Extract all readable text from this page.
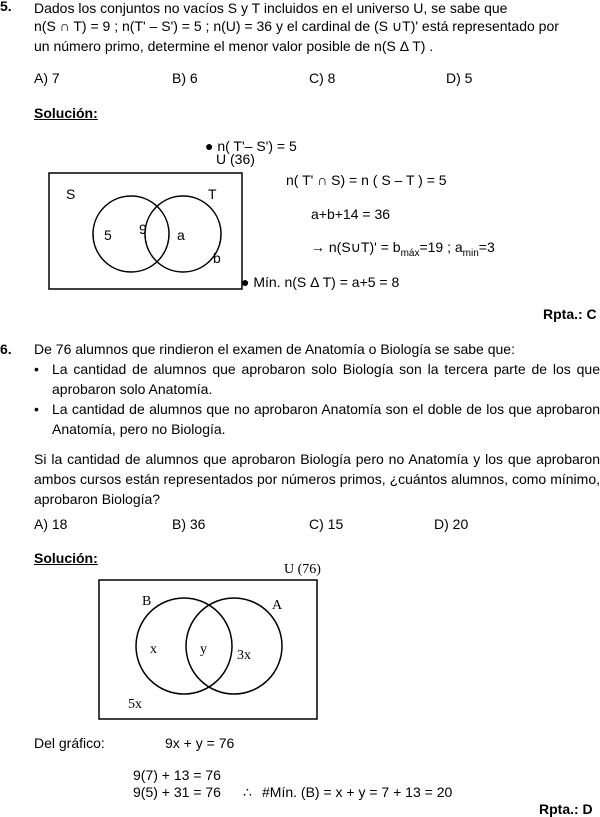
5. Dados los conjuntos no vacíos S y T incluidos en el universo U, se sabe que
n(S ∩ T) = 9 ; n(T' – S') = 5 ; n(U) = 36 y el cardinal de (S ∪T)' está representado por
un número primo, determine el menor valor posible de n(S Δ T) .
A) 7	B) 6	C) 8	D) 5
Solución:
● n( T'– S') = 5
U (36)
S	T
5 9 a
b
n( T' ∩ S) = n ( S – T ) = 5
a+b+14 = 36
→ n(S∪T)' = $b_{máx}=19$ ; $a_{min}=3$
● Mín. n(S Δ T) = a+5 = 8
Rpta.: C
6. De 76 alumnos que rindieron el examen de Anatomía o Biología se sabe que:
• La cantidad de alumnos que aprobaron solo Biología son la tercera parte de los que aprobaron solo Anatomía.
• La cantidad de alumnos que no aprobaron Anatomía son el doble de los que aprobaron Anatomía, pero no Biología.
Si la cantidad de alumnos que aprobaron Biología pero no Anatomía y los que aprobaron ambos cursos están representados por números primos, ¿cuántos alumnos, como mínimo, aprobaron Biología?
A) 18	B) 36	C) 15	D) 20
Solución:
U (76)
B	A
x	y 3x
5x
Del gráfico:	9x + y = 76
9(7) + 13 = 76
9(5) + 31 = 76 ∴ #Mín. (B) = x + y = 7 + 13 = 20
Rpta.: D
